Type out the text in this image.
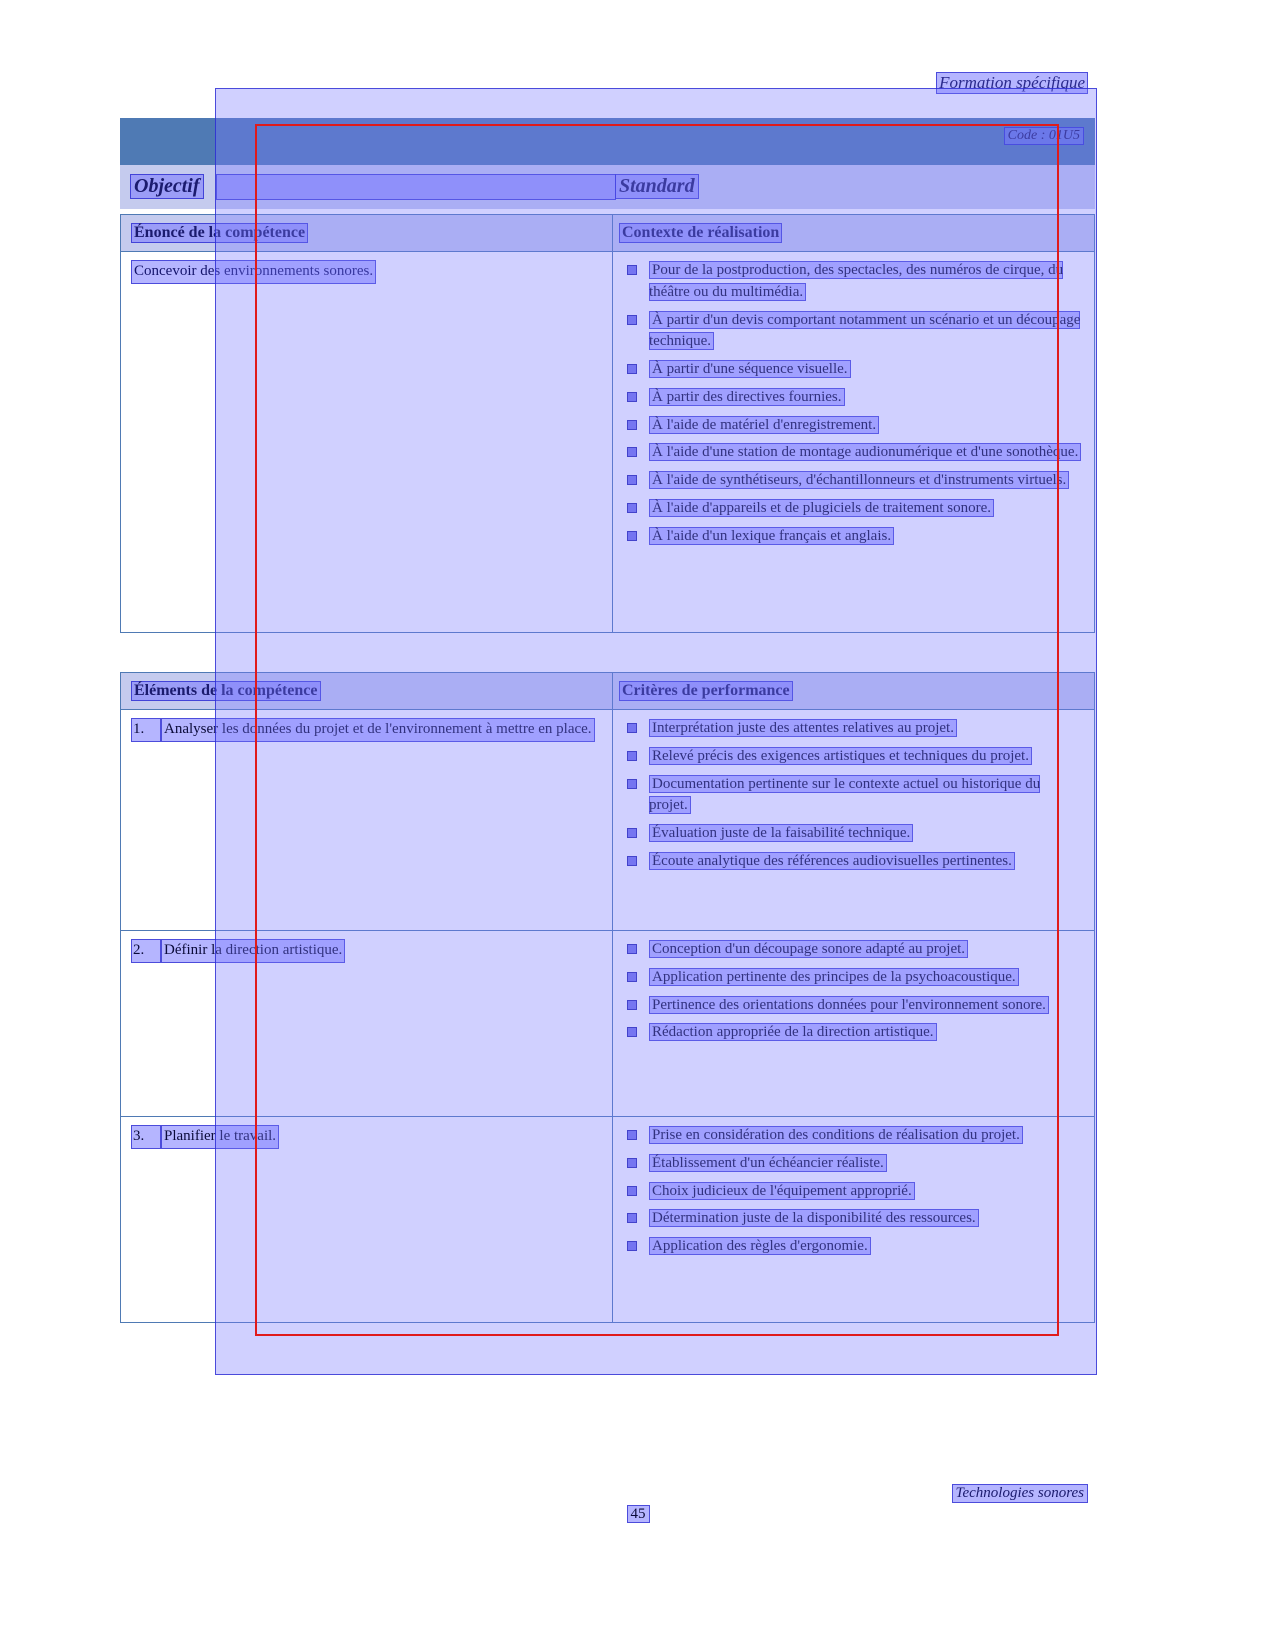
Formation spécifique
Code : 01U5
Objectif	Standard
Énoncé de la compétence	Contexte de réalisation
Concevoir des environnements sonores.	Pour de la postproduction, des spectacles, des numéros de cirque, du théâtre ou du multimédia.
À partir d'un devis comportant notamment un scénario et un découpage technique.
À partir d'une séquence visuelle.
À partir des directives fournies.
À l'aide de matériel d'enregistrement.
À l'aide d'une station de montage audionumérique et d'une sonothèque.
À l'aide de synthétiseurs, d'échantillonneurs et d'instruments virtuels.
À l'aide d'appareils et de plugiciels de traitement sonore.
À l'aide d'un lexique français et anglais.
Éléments de la compétence	Critères de performance
1.	Analyser les données du projet et de l'environnement à mettre en place.	Interprétation juste des attentes relatives au projet.
Relevé précis des exigences artistiques et techniques du projet.
Documentation pertinente sur le contexte actuel ou historique du projet.
Évaluation juste de la faisabilité technique.
Écoute analytique des références audiovisuelles pertinentes.
2.	Définir la direction artistique.	Conception d'un découpage sonore adapté au projet.
Application pertinente des principes de la psychoacoustique.
Pertinence des orientations données pour l'environnement sonore.
Rédaction appropriée de la direction artistique.
3.	Planifier le travail.	Prise en considération des conditions de réalisation du projet.
Établissement d'un échéancier réaliste.
Choix judicieux de l'équipement approprié.
Détermination juste de la disponibilité des ressources.
Application des règles d'ergonomie.
Technologies sonores
45
